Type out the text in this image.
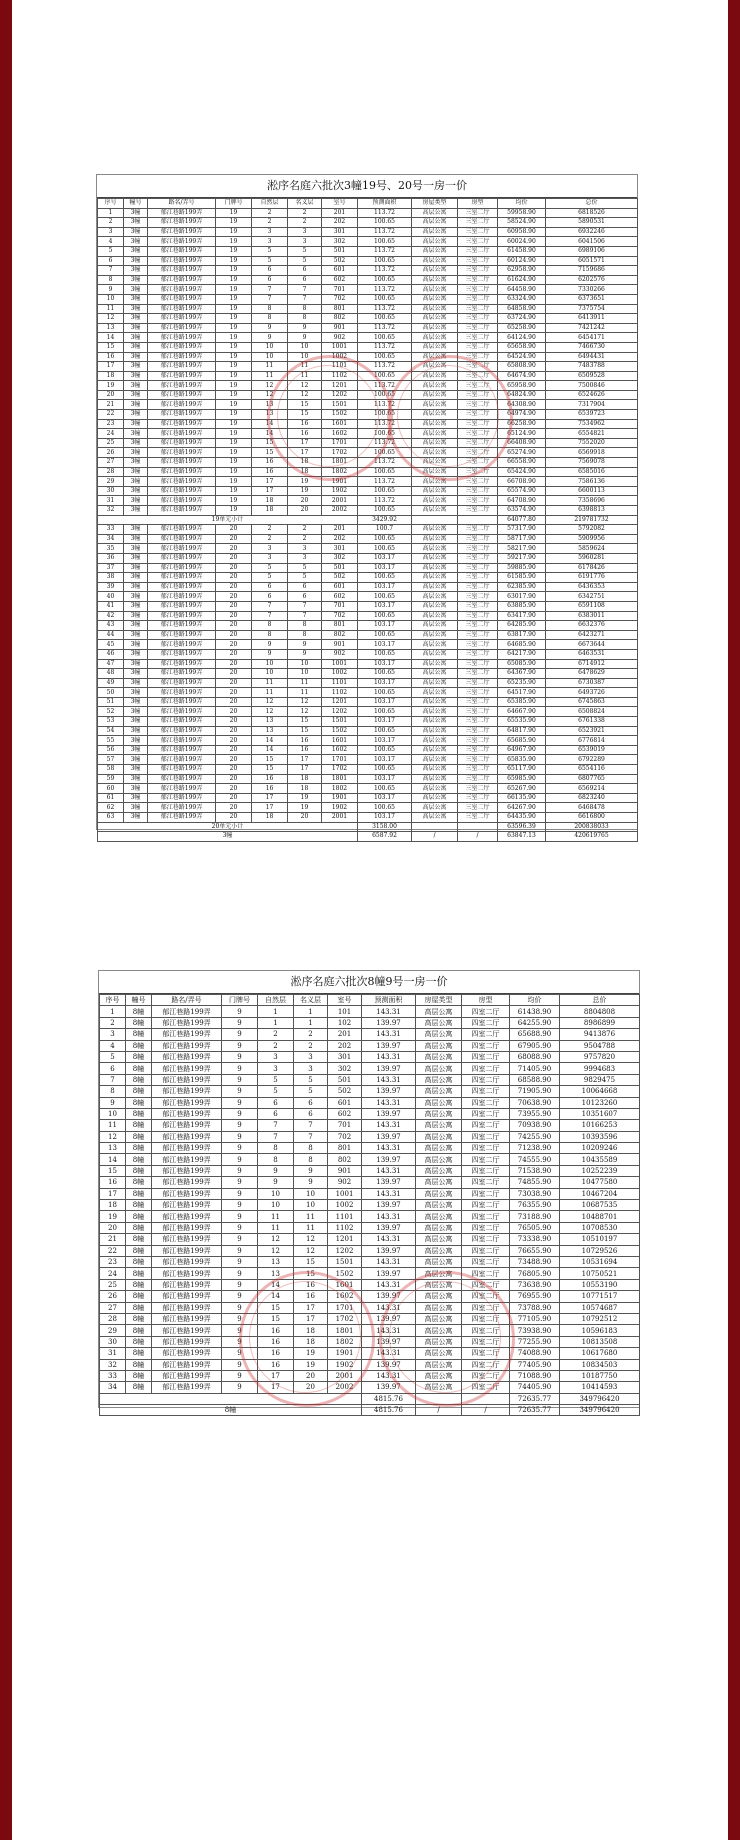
淞序名庭六批次3幢19号、20号一房一价
序号	幢号	路名/弄号	门牌号	自然层	名义层	室号	预测面积	房屋类型	房型	均价	总价
1	3幢	郁江巷路199弄	19	2	2	201	113.72	高层公寓	三室二厅	59958.90	6818526
2	3幢	郁江巷路199弄	19	2	2	202	100.65	高层公寓	三室二厅	58524.90	5890531
3	3幢	郁江巷路199弄	19	3	3	301	113.72	高层公寓	三室二厅	60958.90	6932246
4	3幢	郁江巷路199弄	19	3	3	302	100.65	高层公寓	三室二厅	60024.90	6041506
5	3幢	郁江巷路199弄	19	5	5	501	113.72	高层公寓	三室二厅	61458.90	6989106
6	3幢	郁江巷路199弄	19	5	5	502	100.65	高层公寓	三室二厅	60124.90	6051571
7	3幢	郁江巷路199弄	19	6	6	601	113.72	高层公寓	三室二厅	62958.90	7159686
8	3幢	郁江巷路199弄	19	6	6	602	100.65	高层公寓	三室二厅	61624.90	6202576
9	3幢	郁江巷路199弄	19	7	7	701	113.72	高层公寓	三室二厅	64458.90	7330266
10	3幢	郁江巷路199弄	19	7	7	702	100.65	高层公寓	三室二厅	63324.90	6373651
11	3幢	郁江巷路199弄	19	8	8	801	113.72	高层公寓	三室二厅	64858.90	7375754
12	3幢	郁江巷路199弄	19	8	8	802	100.65	高层公寓	三室二厅	63724.90	6413911
13	3幢	郁江巷路199弄	19	9	9	901	113.72	高层公寓	三室二厅	65258.90	7421242
14	3幢	郁江巷路199弄	19	9	9	902	100.65	高层公寓	三室二厅	64124.90	6454171
15	3幢	郁江巷路199弄	19	10	10	1001	113.72	高层公寓	三室二厅	65658.90	7466730
16	3幢	郁江巷路199弄	19	10	10	1002	100.65	高层公寓	三室二厅	64524.90	6494431
17	3幢	郁江巷路199弄	19	11	11	1101	113.72	高层公寓	三室二厅	65808.90	7483788
18	3幢	郁江巷路199弄	19	11	11	1102	100.65	高层公寓	三室二厅	64674.90	6509528
19	3幢	郁江巷路199弄	19	12	12	1201	113.72	高层公寓	三室二厅	65958.90	7500846
20	3幢	郁江巷路199弄	19	12	12	1202	100.65	高层公寓	三室二厅	64824.90	6524626
21	3幢	郁江巷路199弄	19	13	15	1501	113.72	高层公寓	三室二厅	64308.90	7317904
22	3幢	郁江巷路199弄	19	13	15	1502	100.65	高层公寓	三室二厅	64974.90	6539723
23	3幢	郁江巷路199弄	19	14	16	1601	113.72	高层公寓	三室二厅	66258.90	7534962
24	3幢	郁江巷路199弄	19	14	16	1602	100.65	高层公寓	三室二厅	65124.90	6554821
25	3幢	郁江巷路199弄	19	15	17	1701	113.72	高层公寓	三室二厅	66408.90	7552020
26	3幢	郁江巷路199弄	19	15	17	1702	100.65	高层公寓	三室二厅	65274.90	6569918
27	3幢	郁江巷路199弄	19	16	18	1801	113.72	高层公寓	三室二厅	66558.90	7569078
28	3幢	郁江巷路199弄	19	16	18	1802	100.65	高层公寓	三室二厅	65424.90	6585016
29	3幢	郁江巷路199弄	19	17	19	1901	113.72	高层公寓	三室二厅	66708.90	7586136
30	3幢	郁江巷路199弄	19	17	19	1902	100.65	高层公寓	三室二厅	65574.90	6600113
31	3幢	郁江巷路199弄	19	18	20	2001	113.72	高层公寓	三室二厅	64708.90	7358696
32	3幢	郁江巷路199弄	19	18	20	2002	100.65	高层公寓	三室二厅	63574.90	6398813
19单元小计							3429.92			64077.80	219781732
33	3幢	郁江巷路199弄	20	2	2	201	100.7	高层公寓	三室二厅	57317.90	5792082
34	3幢	郁江巷路199弄	20	2	2	202	100.65	高层公寓	三室二厅	58717.90	5909956
35	3幢	郁江巷路199弄	20	3	3	301	100.65	高层公寓	三室二厅	58217.90	5859624
36	3幢	郁江巷路199弄	20	3	3	302	103.17	高层公寓	三室二厅	59217.90	5960281
37	3幢	郁江巷路199弄	20	5	5	501	103.17	高层公寓	三室二厅	59885.90	6178426
38	3幢	郁江巷路199弄	20	5	5	502	100.65	高层公寓	三室二厅	61585.90	6191776
39	3幢	郁江巷路199弄	20	6	6	601	103.17	高层公寓	三室二厅	62385.90	6436353
40	3幢	郁江巷路199弄	20	6	6	602	100.65	高层公寓	三室二厅	63017.90	6342751
41	3幢	郁江巷路199弄	20	7	7	701	103.17	高层公寓	三室二厅	63885.90	6591108
42	3幢	郁江巷路199弄	20	7	7	702	100.65	高层公寓	三室二厅	63417.90	6383011
43	3幢	郁江巷路199弄	20	8	8	801	103.17	高层公寓	三室二厅	64285.90	6632376
44	3幢	郁江巷路199弄	20	8	8	802	100.65	高层公寓	三室二厅	63817.90	6423271
45	3幢	郁江巷路199弄	20	9	9	901	103.17	高层公寓	三室二厅	64685.90	6673644
46	3幢	郁江巷路199弄	20	9	9	902	100.65	高层公寓	三室二厅	64217.90	6463531
47	3幢	郁江巷路199弄	20	10	10	1001	103.17	高层公寓	三室二厅	65085.90	6714912
48	3幢	郁江巷路199弄	20	10	10	1002	100.65	高层公寓	三室二厅	64367.90	6478629
49	3幢	郁江巷路199弄	20	11	11	1101	103.17	高层公寓	三室二厅	65235.90	6730387
50	3幢	郁江巷路199弄	20	11	11	1102	100.65	高层公寓	三室二厅	64517.90	6493726
51	3幢	郁江巷路199弄	20	12	12	1201	103.17	高层公寓	三室二厅	65385.90	6745863
52	3幢	郁江巷路199弄	20	12	12	1202	100.65	高层公寓	三室二厅	64667.90	6508824
53	3幢	郁江巷路199弄	20	13	15	1501	103.17	高层公寓	三室二厅	65535.90	6761338
54	3幢	郁江巷路199弄	20	13	15	1502	100.65	高层公寓	三室二厅	64817.90	6523921
55	3幢	郁江巷路199弄	20	14	16	1601	103.17	高层公寓	三室二厅	65685.90	6776814
56	3幢	郁江巷路199弄	20	14	16	1602	100.65	高层公寓	三室二厅	64967.90	6539019
57	3幢	郁江巷路199弄	20	15	17	1701	103.17	高层公寓	三室二厅	65835.90	6792289
58	3幢	郁江巷路199弄	20	15	17	1702	100.65	高层公寓	三室二厅	65117.90	6554116
59	3幢	郁江巷路199弄	20	16	18	1801	103.17	高层公寓	三室二厅	65985.90	6807765
60	3幢	郁江巷路199弄	20	16	18	1802	100.65	高层公寓	三室二厅	65267.90	6569214
61	3幢	郁江巷路199弄	20	17	19	1901	103.17	高层公寓	三室二厅	66135.90	6823240
62	3幢	郁江巷路199弄	20	17	19	1902	100.65	高层公寓	三室二厅	64267.90	6468478
63	3幢	郁江巷路199弄	20	18	20	2001	103.17	高层公寓	三室二厅	64435.90	6616800
20单元小计							3158.00			63596.39	200838033
3幢							6587.92	/	/	63847.13	420619765
淞序名庭六批次8幢9号一房一价
序号	幢号	路名/弄号	门牌号	自然层	名义层	室号	预测面积	房屋类型	房型	均价	总价
1	8幢	郁江巷路199弄	9	1	1	101	143.31	高层公寓	四室二厅	61438.90	8804808
2	8幢	郁江巷路199弄	9	1	1	102	139.97	高层公寓	四室二厅	64255.90	8986899
3	8幢	郁江巷路199弄	9	2	2	201	143.31	高层公寓	四室二厅	65688.90	9413876
4	8幢	郁江巷路199弄	9	2	2	202	139.97	高层公寓	四室二厅	67905.90	9504788
5	8幢	郁江巷路199弄	9	3	3	301	143.31	高层公寓	四室二厅	68088.90	9757820
6	8幢	郁江巷路199弄	9	3	3	302	139.97	高层公寓	四室二厅	71405.90	9994683
7	8幢	郁江巷路199弄	9	5	5	501	143.31	高层公寓	四室二厅	68588.90	9829475
8	8幢	郁江巷路199弄	9	5	5	502	139.97	高层公寓	四室二厅	71905.90	10064668
9	8幢	郁江巷路199弄	9	6	6	601	143.31	高层公寓	四室二厅	70638.90	10123260
10	8幢	郁江巷路199弄	9	6	6	602	139.97	高层公寓	四室二厅	73955.90	10351607
11	8幢	郁江巷路199弄	9	7	7	701	143.31	高层公寓	四室二厅	70938.90	10166253
12	8幢	郁江巷路199弄	9	7	7	702	139.97	高层公寓	四室二厅	74255.90	10393596
13	8幢	郁江巷路199弄	9	8	8	801	143.31	高层公寓	四室二厅	71238.90	10209246
14	8幢	郁江巷路199弄	9	8	8	802	139.97	高层公寓	四室二厅	74555.90	10435589
15	8幢	郁江巷路199弄	9	9	9	901	143.31	高层公寓	四室二厅	71538.90	10252239
16	8幢	郁江巷路199弄	9	9	9	902	139.97	高层公寓	四室二厅	74855.90	10477580
17	8幢	郁江巷路199弄	9	10	10	1001	143.31	高层公寓	四室二厅	73038.90	10467204
18	8幢	郁江巷路199弄	9	10	10	1002	139.97	高层公寓	四室二厅	76355.90	10687535
19	8幢	郁江巷路199弄	9	11	11	1101	143.31	高层公寓	四室二厅	73188.90	10488701
20	8幢	郁江巷路199弄	9	11	11	1102	139.97	高层公寓	四室二厅	76505.90	10708530
21	8幢	郁江巷路199弄	9	12	12	1201	143.31	高层公寓	四室二厅	73338.90	10510197
22	8幢	郁江巷路199弄	9	12	12	1202	139.97	高层公寓	四室二厅	76655.90	10729526
23	8幢	郁江巷路199弄	9	13	15	1501	143.31	高层公寓	四室二厅	73488.90	10531694
24	8幢	郁江巷路199弄	9	13	15	1502	139.97	高层公寓	四室二厅	76805.90	10750521
25	8幢	郁江巷路199弄	9	14	16	1601	143.31	高层公寓	四室二厅	73638.90	10553190
26	8幢	郁江巷路199弄	9	14	16	1602	139.97	高层公寓	四室二厅	76955.90	10771517
27	8幢	郁江巷路199弄	9	15	17	1701	143.31	高层公寓	四室二厅	73788.90	10574687
28	8幢	郁江巷路199弄	9	15	17	1702	139.97	高层公寓	四室二厅	77105.90	10792512
29	8幢	郁江巷路199弄	9	16	18	1801	143.31	高层公寓	四室二厅	73938.90	10596183
30	8幢	郁江巷路199弄	9	16	18	1802	139.97	高层公寓	四室二厅	77255.90	10813508
31	8幢	郁江巷路199弄	9	16	19	1901	143.31	高层公寓	四室二厅	74088.90	10617680
32	8幢	郁江巷路199弄	9	16	19	1902	139.97	高层公寓	四室二厅	77405.90	10834503
33	8幢	郁江巷路199弄	9	17	20	2001	143.31	高层公寓	四室二厅	71088.90	10187750
34	8幢	郁江巷路199弄	9	17	20	2002	139.97	高层公寓	四室二厅	74405.90	10414593
							4815.76			72635.77	349796420
8幢							4815.76	/	/	72635.77	349796420
